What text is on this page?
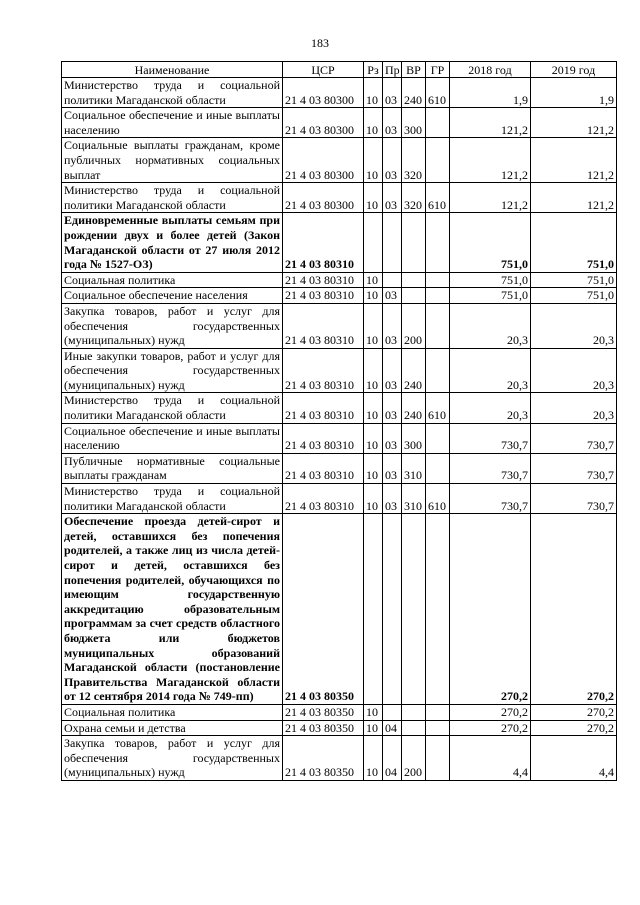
183
Наименование	ЦСР	Рз	Пр	ВР	ГР	2018 год	2019 год
Министерство труда и социальной политики Магаданской области	21 4 03 80300	10	03	240	610	1,9	1,9
Социальное обеспечение и иные выплаты населению	21 4 03 80300	10	03	300		121,2	121,2
Социальные выплаты гражданам, кроме публичных нормативных социальных выплат	21 4 03 80300	10	03	320		121,2	121,2
Министерство труда и социальной политики Магаданской области	21 4 03 80300	10	03	320	610	121,2	121,2
Единовременные выплаты семьям при рождении двух и более детей (Закон Магаданской области от 27 июля 2012 года № 1527-ОЗ)	21 4 03 80310					751,0	751,0
Социальная политика	21 4 03 80310	10				751,0	751,0
Социальное обеспечение населения	21 4 03 80310	10	03			751,0	751,0
Закупка товаров, работ и услуг для обеспечения государственных (муниципальных) нужд	21 4 03 80310	10	03	200		20,3	20,3
Иные закупки товаров, работ и услуг для обеспечения государственных (муниципальных) нужд	21 4 03 80310	10	03	240		20,3	20,3
Министерство труда и социальной политики Магаданской области	21 4 03 80310	10	03	240	610	20,3	20,3
Социальное обеспечение и иные выплаты населению	21 4 03 80310	10	03	300		730,7	730,7
Публичные нормативные социальные выплаты гражданам	21 4 03 80310	10	03	310		730,7	730,7
Министерство труда и социальной политики Магаданской области	21 4 03 80310	10	03	310	610	730,7	730,7
Обеспечение проезда детей-сирот и детей, оставшихся без попечения родителей, а также лиц из числа детей-сирот и детей, оставшихся без попечения родителей, обучающихся по имеющим государственную аккредитацию образовательным программам за счет средств областного бюджета или бюджетов муниципальных образований Магаданской области (постановление Правительства Магаданской области от 12 сентября 2014 года № 749-пп)	21 4 03 80350					270,2	270,2
Социальная политика	21 4 03 80350	10				270,2	270,2
Охрана семьи и детства	21 4 03 80350	10	04			270,2	270,2
Закупка товаров, работ и услуг для обеспечения государственных (муниципальных) нужд	21 4 03 80350	10	04	200		4,4	4,4
